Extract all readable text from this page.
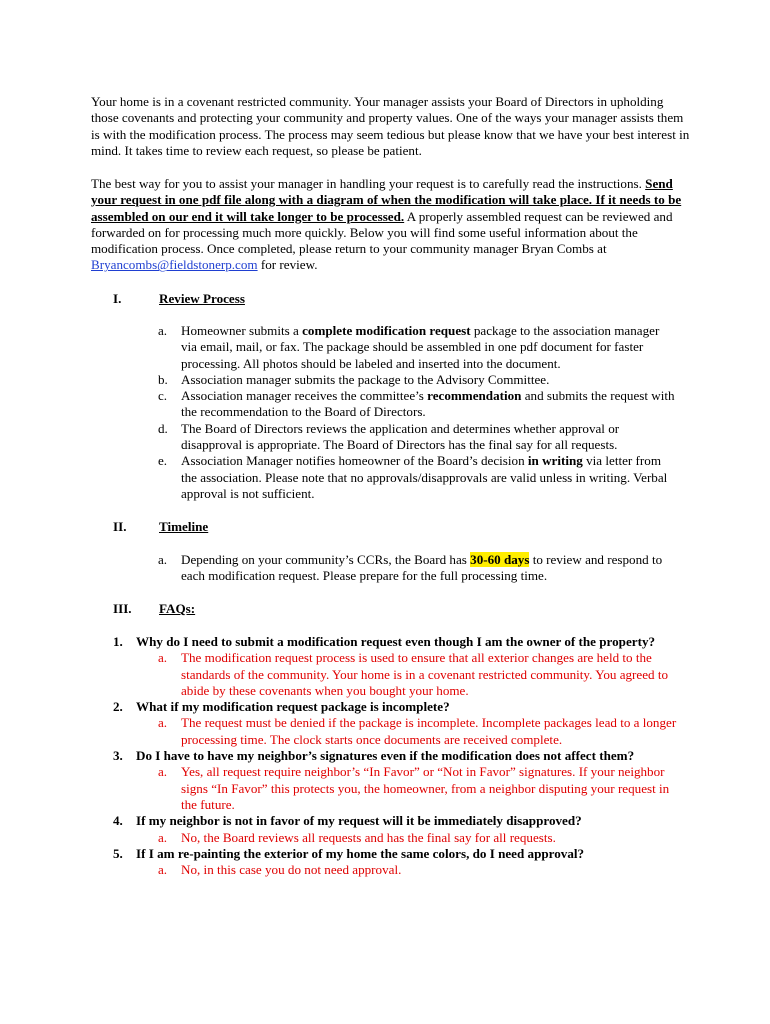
Your home is in a covenant restricted community. Your manager assists your Board of Directors in upholding those covenants and protecting your community and property values. One of the ways your manager assists them is with the modification process. The process may seem tedious but please know that we have your best interest in mind. It takes time to review each request, so please be patient.

The best way for you to assist your manager in handling your request is to carefully read the instructions. Send your request in one pdf file along with a diagram of when the modification will take place. If it needs to be assembled on our end it will take longer to be processed. A properly assembled request can be reviewed and forwarded on for processing much more quickly. Below you will find some useful information about the modification process. Once completed, please return to your community manager Bryan Combs at Bryancombs@fieldstonerp.com for review.

I.	Review Process
a. Homeowner submits a complete modification request package to the association manager via email, mail, or fax. The package should be assembled in one pdf document for faster processing. All photos should be labeled and inserted into the document.
b. Association manager submits the package to the Advisory Committee.
c. Association manager receives the committee’s recommendation and submits the request with the recommendation to the Board of Directors.
d. The Board of Directors reviews the application and determines whether approval or disapproval is appropriate. The Board of Directors has the final say for all requests.
e. Association Manager notifies homeowner of the Board’s decision in writing via letter from the association. Please note that no approvals/disapprovals are valid unless in writing. Verbal approval is not sufficient.
II. Timeline
a. Depending on your community’s CCRs, the Board has 30-60 days to review and respond to each modification request. Please prepare for the full processing time.
III. FAQs:
1. Why do I need to submit a modification request even though I am the owner of the property?
a. The modification request process is used to ensure that all exterior changes are held to the standards of the community. Your home is in a covenant restricted community. You agreed to abide by these covenants when you bought your home.
2. What if my modification request package is incomplete?
a. The request must be denied if the package is incomplete. Incomplete packages lead to a longer processing time. The clock starts once documents are received complete.
3. Do I have to have my neighbor’s signatures even if the modification does not affect them?
a. Yes, all request require neighbor’s “In Favor” or “Not in Favor” signatures. If your neighbor signs “In Favor” this protects you, the homeowner, from a neighbor disputing your request in the future.
4. If my neighbor is not in favor of my request will it be immediately disapproved?
a. No, the Board reviews all requests and has the final say for all requests.
5. If I am re-painting the exterior of my home the same colors, do I need approval?
a. No, in this case you do not need approval.
